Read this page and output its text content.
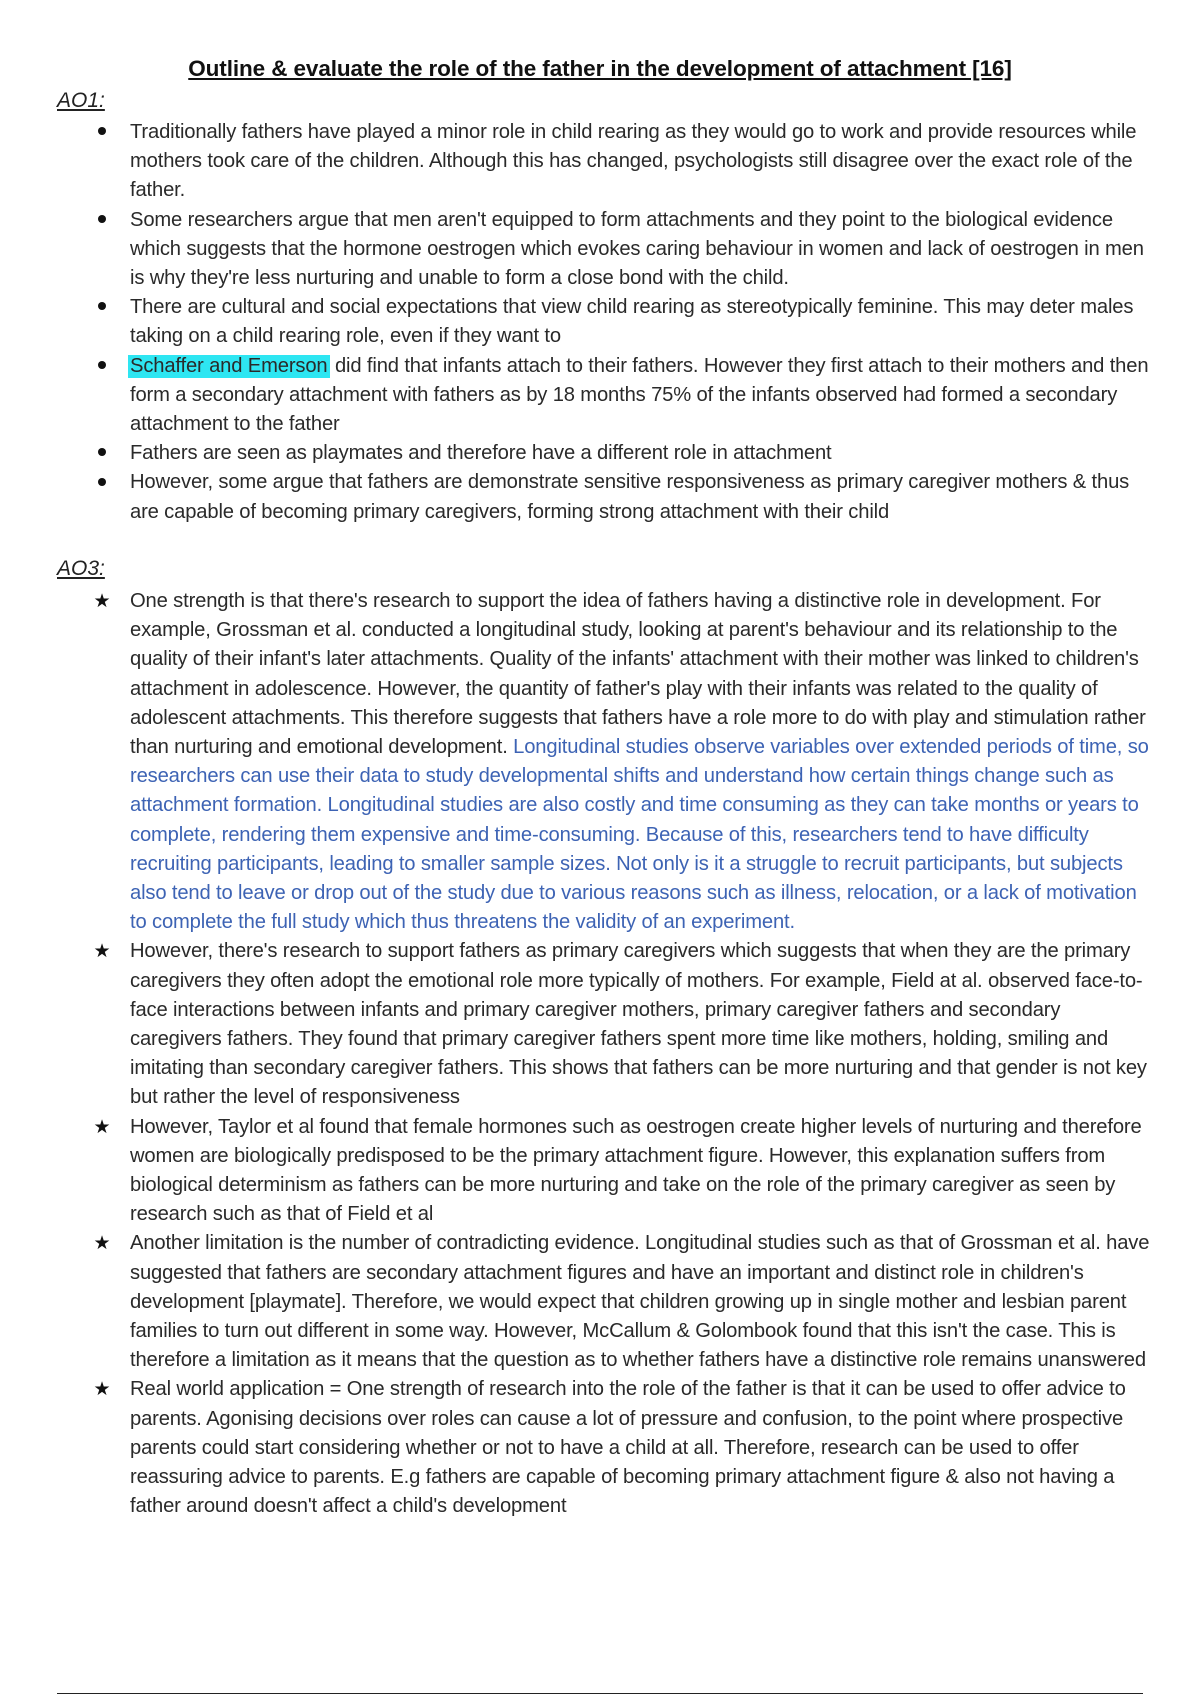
Outline & evaluate the role of the father in the development of attachment [16]
AO1:
Traditionally fathers have played a minor role in child rearing as they would go to work and provide resources while mothers took care of the children. Although this has changed, psychologists still disagree over the exact role of the father.
Some researchers argue that men aren't equipped to form attachments and they point to the biological evidence which suggests that the hormone oestrogen which evokes caring behaviour in women and lack of oestrogen in men is why they're less nurturing and unable to form a close bond with the child.
There are cultural and social expectations that view child rearing as stereotypically feminine. This may deter males taking on a child rearing role, even if they want to
Schaffer and Emerson did find that infants attach to their fathers. However they first attach to their mothers and then form a secondary attachment with fathers as by 18 months 75% of the infants observed had formed a secondary attachment to the father
Fathers are seen as playmates and therefore have a different role in attachment
However, some argue that fathers are demonstrate sensitive responsiveness as primary caregiver mothers & thus are capable of becoming primary caregivers, forming strong attachment with their child
AO3:
★ One strength is that there's research to support the idea of fathers having a distinctive role in development. For example, Grossman et al. conducted a longitudinal study, looking at parent's behaviour and its relationship to the quality of their infant's later attachments. Quality of the infants' attachment with their mother was linked to children's attachment in adolescence. However, the quantity of father's play with their infants was related to the quality of adolescent attachments. This therefore suggests that fathers have a role more to do with play and stimulation rather than nurturing and emotional development. Longitudinal studies observe variables over extended periods of time, so researchers can use their data to study developmental shifts and understand how certain things change such as attachment formation. Longitudinal studies are also costly and time consuming as they can take months or years to complete, rendering them expensive and time-consuming. Because of this, researchers tend to have difficulty recruiting participants, leading to smaller sample sizes. Not only is it a struggle to recruit participants, but subjects also tend to leave or drop out of the study due to various reasons such as illness, relocation, or a lack of motivation to complete the full study which thus threatens the validity of an experiment.
★ However, there's research to support fathers as primary caregivers which suggests that when they are the primary caregivers they often adopt the emotional role more typically of mothers. For example, Field at al. observed face-to-face interactions between infants and primary caregiver mothers, primary caregiver fathers and secondary caregivers fathers. They found that primary caregiver fathers spent more time like mothers, holding, smiling and imitating than secondary caregiver fathers. This shows that fathers can be more nurturing and that gender is not key but rather the level of responsiveness
★ However, Taylor et al found that female hormones such as oestrogen create higher levels of nurturing and therefore women are biologically predisposed to be the primary attachment figure. However, this explanation suffers from biological determinism as fathers can be more nurturing and take on the role of the primary caregiver as seen by research such as that of Field et al
★ Another limitation is the number of contradicting evidence. Longitudinal studies such as that of Grossman et al. have suggested that fathers are secondary attachment figures and have an important and distinct role in children's development [playmate]. Therefore, we would expect that children growing up in single mother and lesbian parent families to turn out different in some way. However, McCallum & Golombook found that this isn't the case. This is therefore a limitation as it means that the question as to whether fathers have a distinctive role remains unanswered
★ Real world application = One strength of research into the role of the father is that it can be used to offer advice to parents. Agonising decisions over roles can cause a lot of pressure and confusion, to the point where prospective parents could start considering whether or not to have a child at all. Therefore, research can be used to offer reassuring advice to parents. E.g fathers are capable of becoming primary attachment figure & also not having a father around doesn't affect a child's development
